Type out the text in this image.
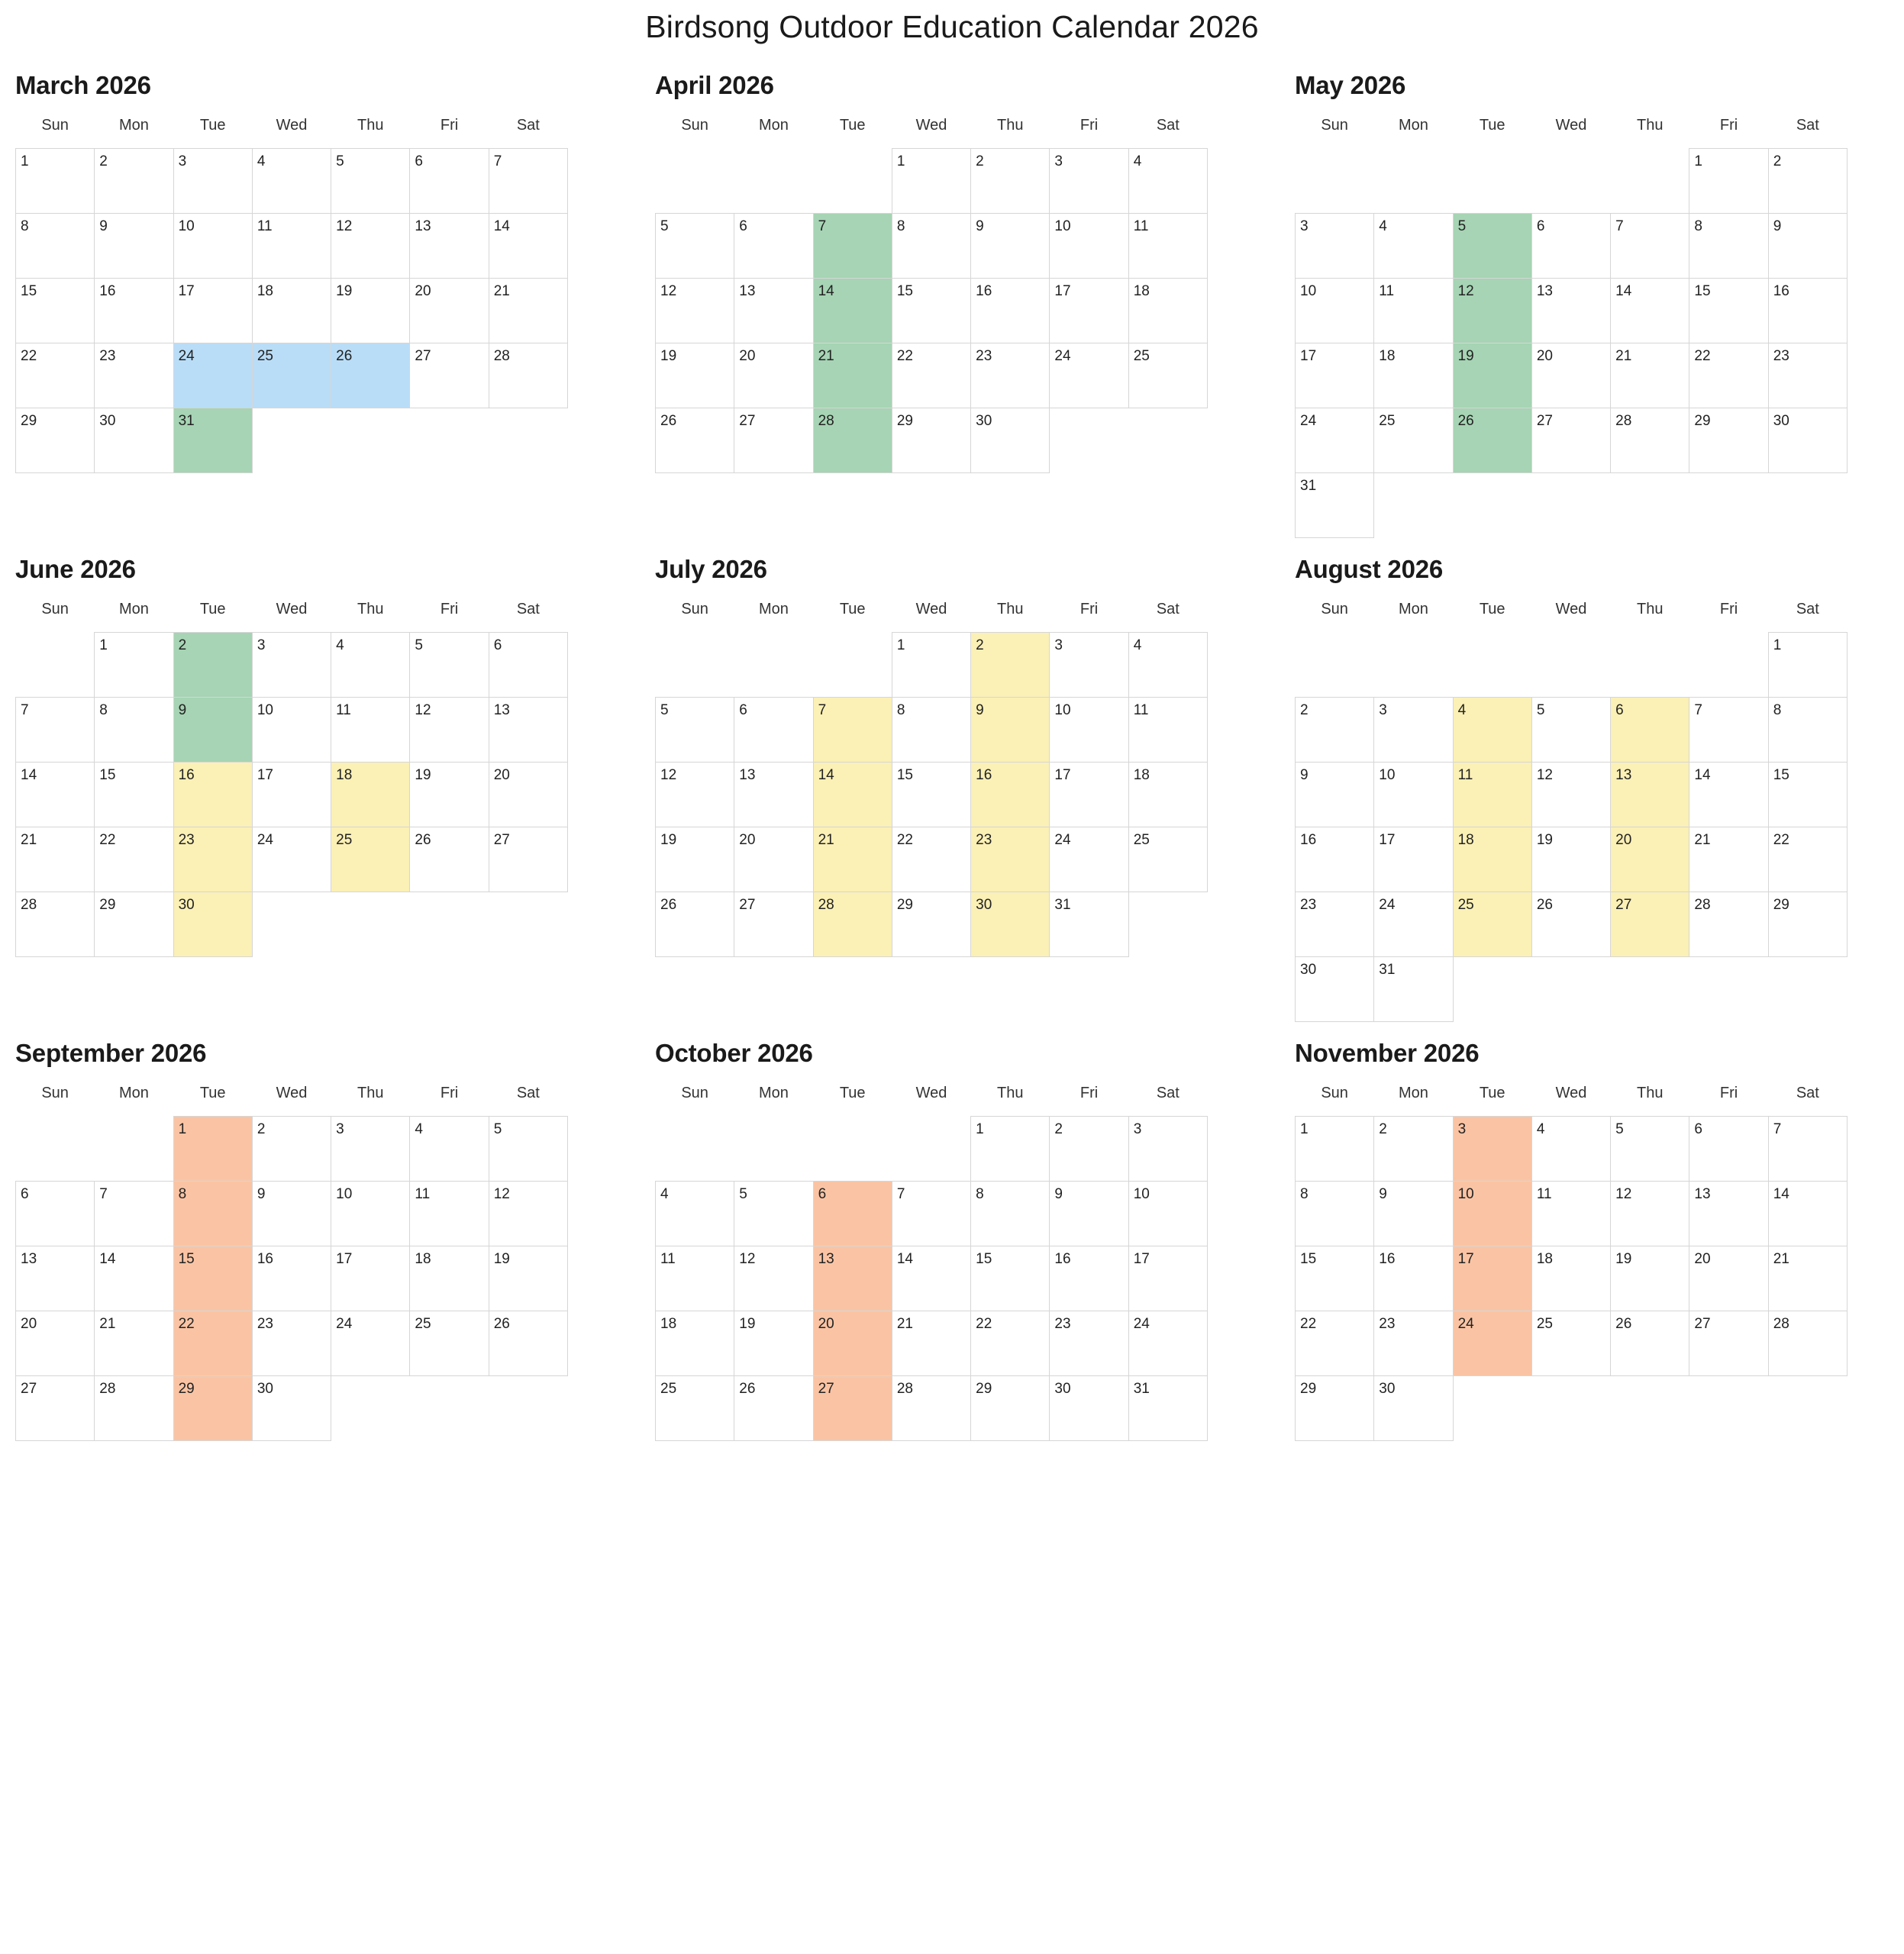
Birdsong Outdoor Education Calendar 2026
March 2026
Sun	Mon	Tue	Wed	Thu	Fri	Sat
1	2	3	4	5	6	7
8	9	10	11	12	13	14
15	16	17	18	19	20	21
22	23	24	25	26	27	28
29	30	31				
April 2026
Sun	Mon	Tue	Wed	Thu	Fri	Sat
			1	2	3	4
5	6	7	8	9	10	11
12	13	14	15	16	17	18
19	20	21	22	23	24	25
26	27	28	29	30		
May 2026
Sun	Mon	Tue	Wed	Thu	Fri	Sat
					1	2
3	4	5	6	7	8	9
10	11	12	13	14	15	16
17	18	19	20	21	22	23
24	25	26	27	28	29	30
31						
June 2026
Sun	Mon	Tue	Wed	Thu	Fri	Sat
	1	2	3	4	5	6
7	8	9	10	11	12	13
14	15	16	17	18	19	20
21	22	23	24	25	26	27
28	29	30				
July 2026
Sun	Mon	Tue	Wed	Thu	Fri	Sat
			1	2	3	4
5	6	7	8	9	10	11
12	13	14	15	16	17	18
19	20	21	22	23	24	25
26	27	28	29	30	31	
August 2026
Sun	Mon	Tue	Wed	Thu	Fri	Sat
						1
2	3	4	5	6	7	8
9	10	11	12	13	14	15
16	17	18	19	20	21	22
23	24	25	26	27	28	29
30	31					
September 2026
Sun	Mon	Tue	Wed	Thu	Fri	Sat
		1	2	3	4	5
6	7	8	9	10	11	12
13	14	15	16	17	18	19
20	21	22	23	24	25	26
27	28	29	30			
October 2026
Sun	Mon	Tue	Wed	Thu	Fri	Sat
				1	2	3
4	5	6	7	8	9	10
11	12	13	14	15	16	17
18	19	20	21	22	23	24
25	26	27	28	29	30	31
November 2026
Sun	Mon	Tue	Wed	Thu	Fri	Sat
1	2	3	4	5	6	7
8	9	10	11	12	13	14
15	16	17	18	19	20	21
22	23	24	25	26	27	28
29	30					
